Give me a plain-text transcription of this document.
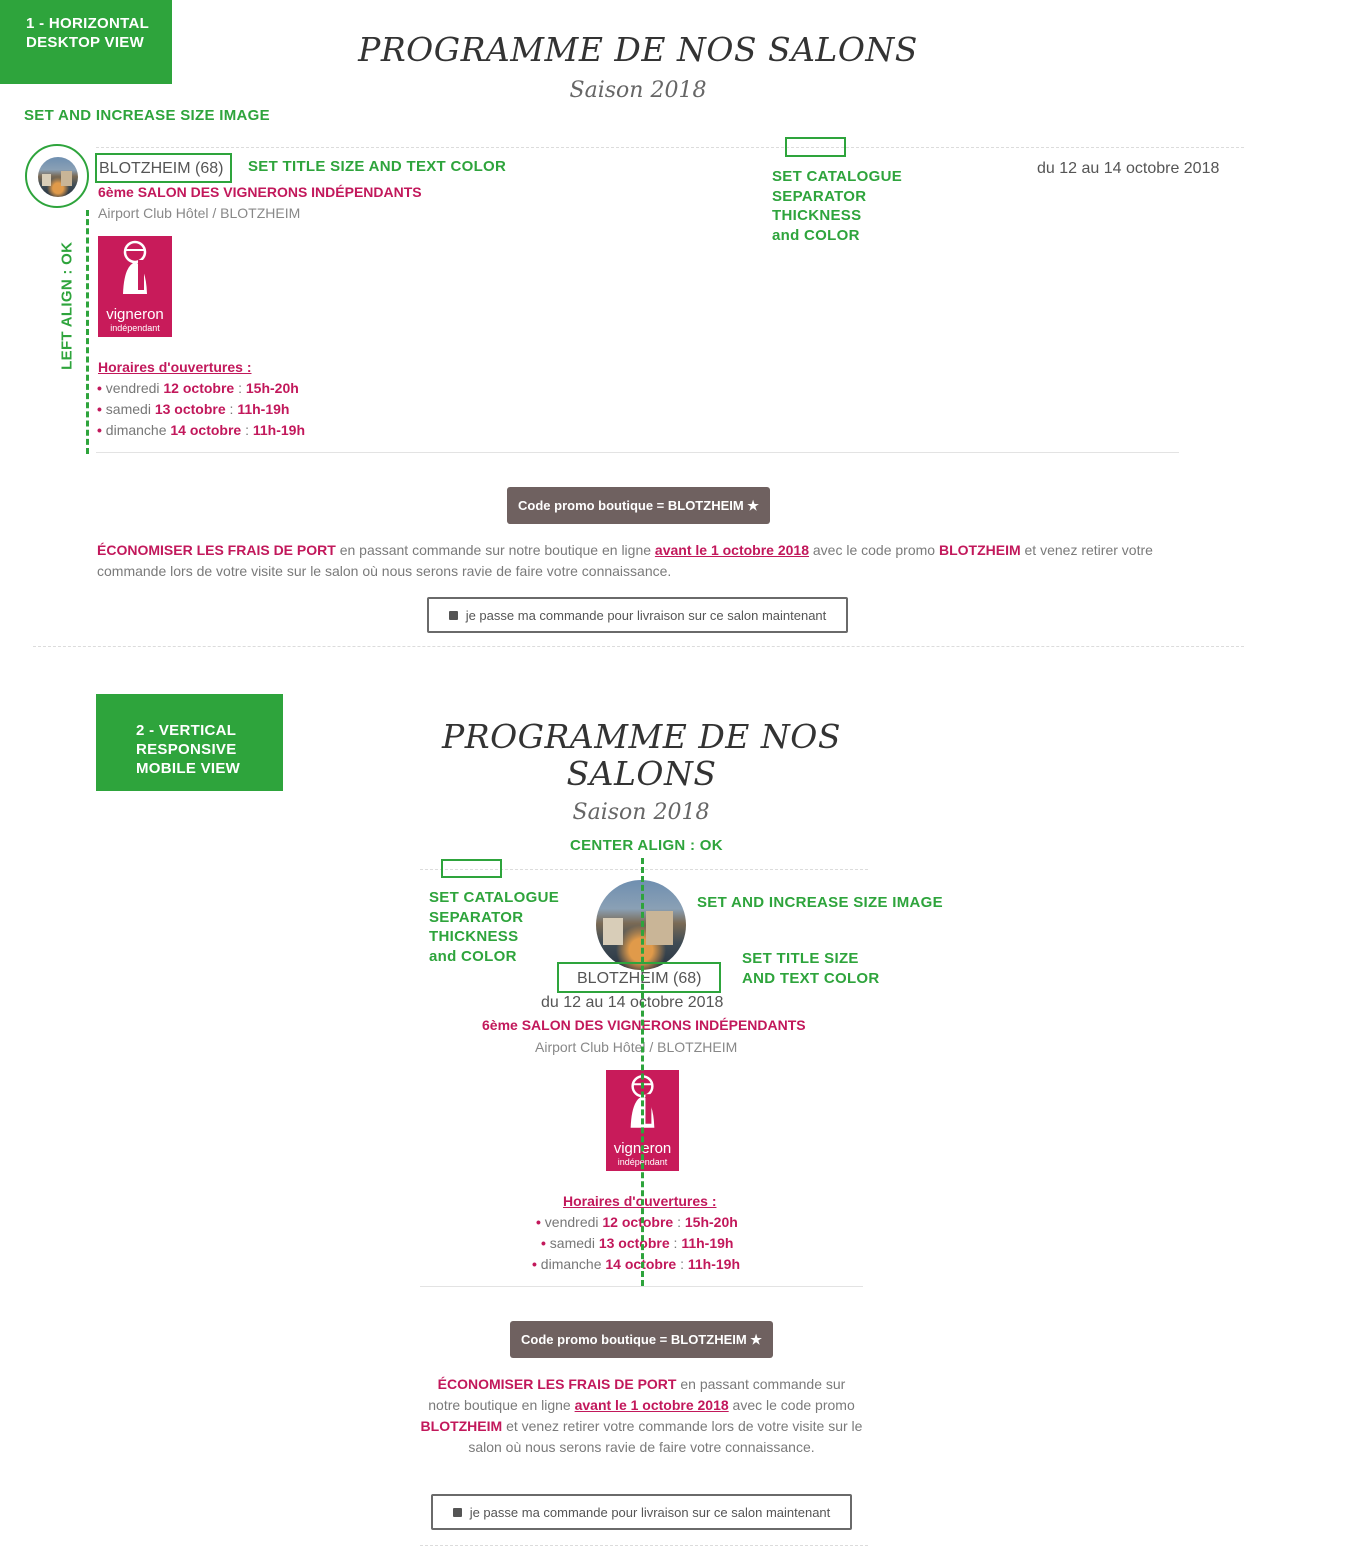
1 - HORIZONTAL
DESKTOP VIEW	PROGRAMME DE NOS SALONS
Saison 2018
SET AND INCREASE SIZE IMAGE
LEFT ALIGN : OK
BLOTZHEIM (68) SET TITLE SIZE AND TEXT COLOR
6ème SALON DES VIGNERONS INDÉPENDANTS
Airport Club Hôtel / BLOTZHEIM
SET CATALOGUE
SEPARATOR
THICKNESS
and COLOR
du 12 au 14 octobre 2018
vigneron
indépendant
Horaires d'ouvertures :
• vendredi 12 octobre : 15h-20h
• samedi 13 octobre : 11h-19h
• dimanche 14 octobre : 11h-19h
Code promo boutique = BLOTZHEIM ★
ÉCONOMISER LES FRAIS DE PORT en passant commande sur notre boutique en ligne avant le 1 octobre 2018 avec le code promo BLOTZHEIM et venez retirer votre commande lors de votre visite sur le salon où nous serons ravie de faire votre connaissance.
je passe ma commande pour livraison sur ce salon maintenant
2 - VERTICAL
RESPONSIVE
MOBILE VIEW
PROGRAMME DE NOS
SALONS
Saison 2018
CENTER ALIGN : OK
SET CATALOGUE
SEPARATOR
THICKNESS
and COLOR
SET AND INCREASE SIZE IMAGE
BLOTZHEIM (68)
SET TITLE SIZE
AND TEXT COLOR
du 12 au 14 octobre 2018
6ème SALON DES VIGNERONS INDÉPENDANTS
Airport Club Hôtel / BLOTZHEIM
vigneron
indépendant
Horaires d'ouvertures :
• vendredi 12 octobre : 15h-20h
• samedi 13 octobre : 11h-19h
• dimanche 14 octobre : 11h-19h
Code promo boutique = BLOTZHEIM ★
ÉCONOMISER LES FRAIS DE PORT en passant commande sur notre boutique en ligne avant le 1 octobre 2018 avec le code promo BLOTZHEIM et venez retirer votre commande lors de votre visite sur le salon où nous serons ravie de faire votre connaissance.
je passe ma commande pour livraison sur ce salon maintenant
